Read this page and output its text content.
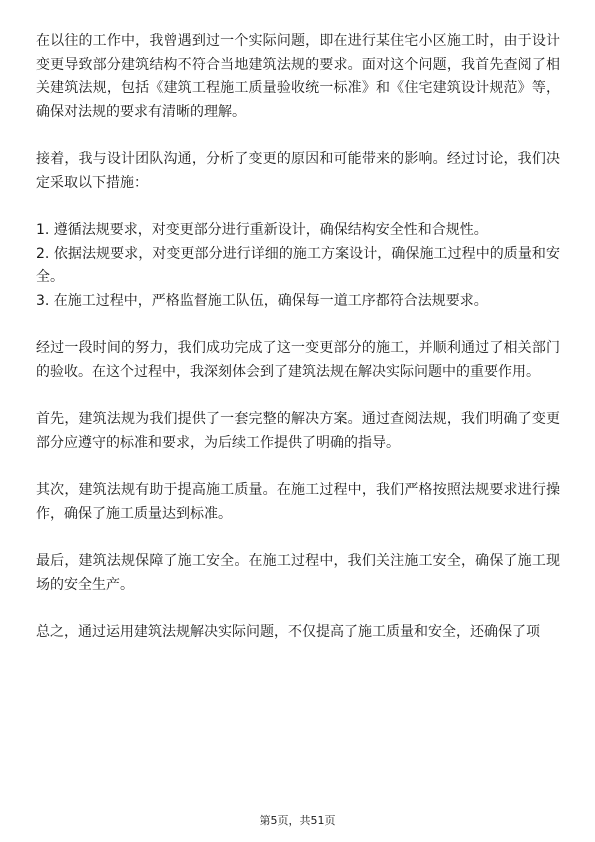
在以往的工作中，我曾遇到过一个实际问题，即在进行某住宅小区施工时，由于设计变更导致部分建筑结构不符合当地建筑法规的要求。面对这个问题，我首先查阅了相关建筑法规，包括《建筑工程施工质量验收统一标准》和《住宅建筑设计规范》等，确保对法规的要求有清晰的理解。

接着，我与设计团队沟通，分析了变更的原因和可能带来的影响。经过讨论，我们决定采取以下措施：

1. 遵循法规要求，对变更部分进行重新设计，确保结构安全性和合规性。

2. 依据法规要求，对变更部分进行详细的施工方案设计，确保施工过程中的质量和安全。

3. 在施工过程中，严格监督施工队伍，确保每一道工序都符合法规要求。

经过一段时间的努力，我们成功完成了这一变更部分的施工，并顺利通过了相关部门的验收。在这个过程中，我深刻体会到了建筑法规在解决实际问题中的重要作用。

首先，建筑法规为我们提供了一套完整的解决方案。通过查阅法规，我们明确了变更部分应遵守的标准和要求，为后续工作提供了明确的指导。

其次，建筑法规有助于提高施工质量。在施工过程中，我们严格按照法规要求进行操作，确保了施工质量达到标准。

最后，建筑法规保障了施工安全。在施工过程中，我们关注施工安全，确保了施工现场的安全生产。

总之，通过运用建筑法规解决实际问题，不仅提高了施工质量和安全，还确保了项

第5页，共51页
